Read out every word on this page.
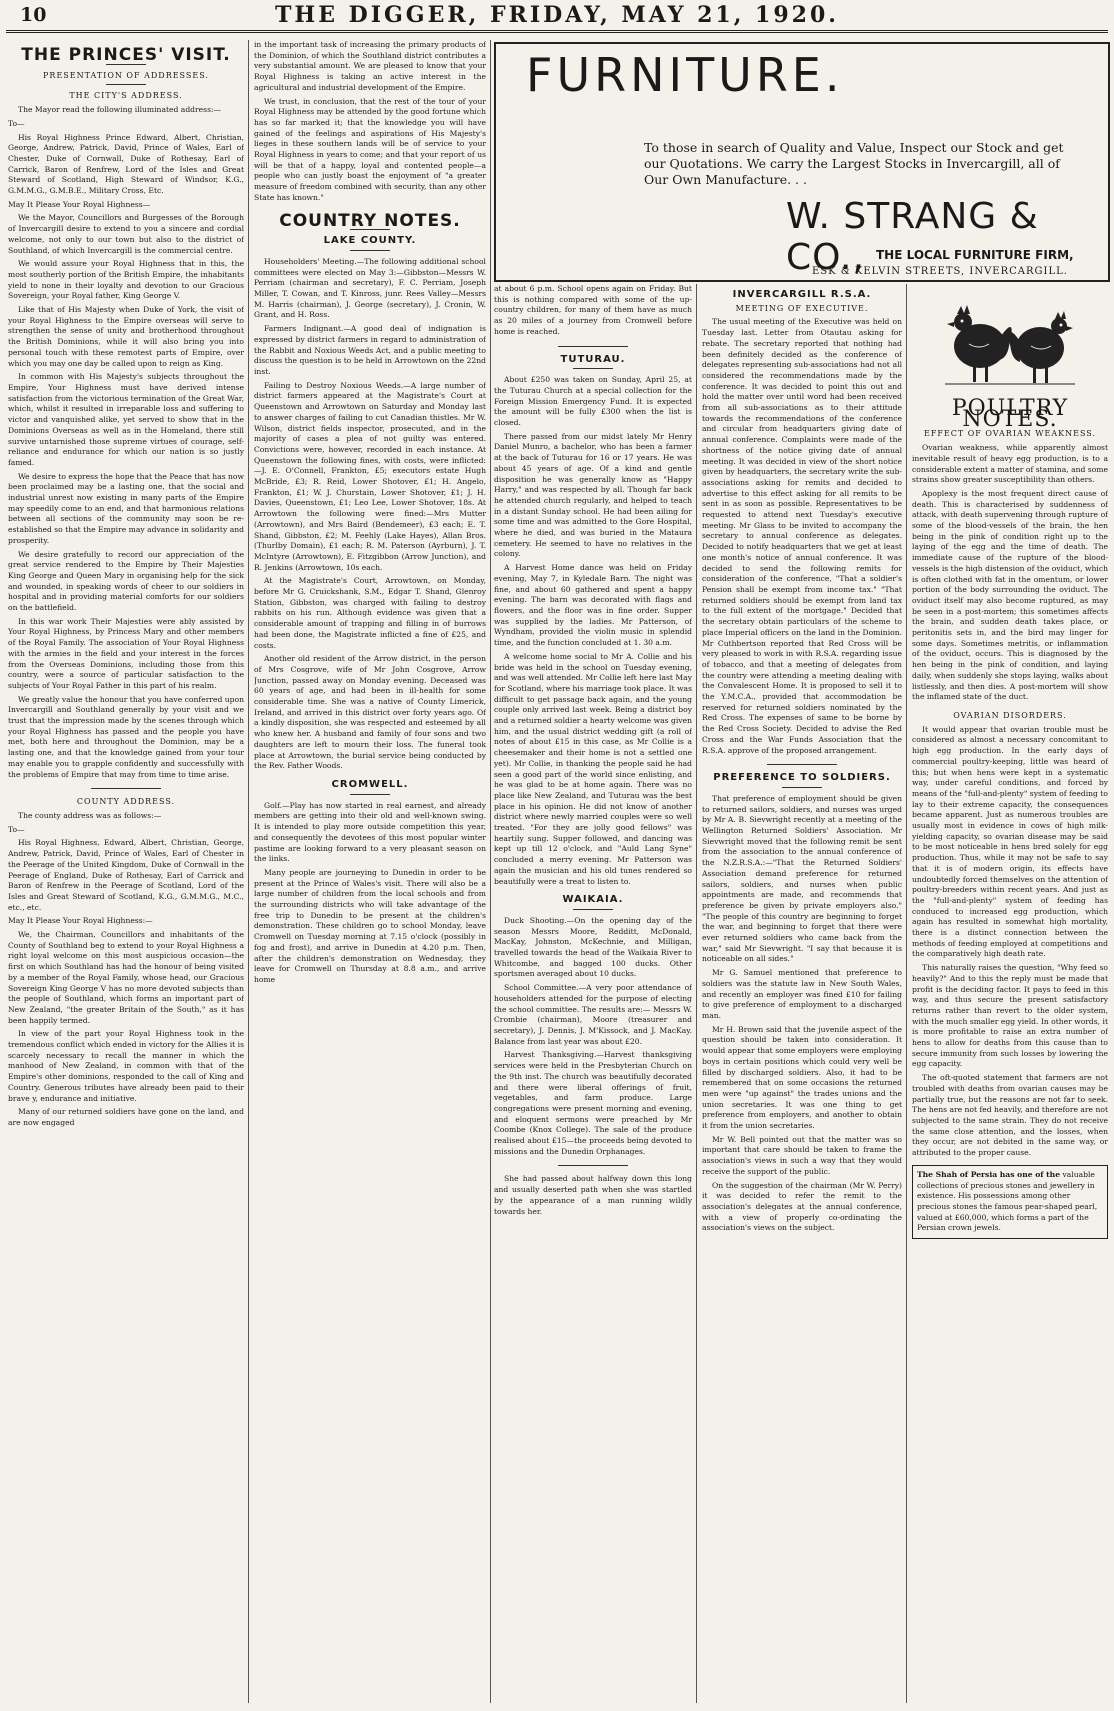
10	THE DIGGER, FRIDAY, MAY 21, 1920.
THE PRINCES' VISIT.
PRESENTATION OF ADDRESSES.
THE CITY'S ADDRESS.

The Mayor read the following illuminated address:—

To—

His Royal Highness Prince Edward, Albert, Christian, George, Andrew, Patrick, David, Prince of Wales, Earl of Chester, Duke of Cornwall, Duke of Rothesay, Earl of Carrick, Baron of Renfrew, Lord of the Isles and Great Steward of Scotland, High Steward of Windsor, K.G., G.M.M.G., G.M.B.E., Military Cross, Etc.

May It Please Your Royal Highness—

We the Mayor, Councillors and Burgesses of the Borough of Invercargill desire to extend to you a sincere and cordial welcome, not only to our town but also to the district of Southland, of which Invercargill is the commercial centre.

We would assure your Royal Highness that in this, the most southerly portion of the British Empire, the inhabitants yield to none in their loyalty and devotion to our Gracious Sovereign, your Royal father, King George V.

Like that of His Majesty when Duke of York, the visit of your Royal Highness to the Empire overseas will serve to strengthen the sense of unity and brotherhood throughout the British Dominions, while it will also bring you into personal touch with these remotest parts of Empire, over which you may one day be called upon to reign as King.

In common with His Majesty's subjects throughout the Empire, Your Highness must have derived intense satisfaction from the victorious termination of the Great War, which, whilst it resulted in irreparable loss and suffering to victor and vanquished alike, yet served to show that in the Dominions Overseas as well as in the Homeland, there still survive untarnished those supreme virtues of courage, self-reliance and endurance for which our nation is so justly famed.

We desire to express the hope that the Peace that has now been proclaimed may be a lasting one, that the social and industrial unrest now existing in many parts of the Empire may speedily come to an end, and that harmonious relations between all sections of the community may soon be re-established so that the Empire may advance in solidarity and prosperity.

We desire gratefully to record our appreciation of the great service rendered to the Empire by Their Majesties King George and Queen Mary in organising help for the sick and wounded, in speaking words of cheer to our soldiers in hospital and in providing material comforts for our soldiers on the battlefield.

In this war work Their Majesties were ably assisted by Your Royal Highness, by Princess Mary and other members of the Royal Family. The association of Your Royal Highness with the armies in the field and your interest in the forces from the Overseas Dominions, including those from this country, were a source of particular satisfaction to the subjects of Your Royal Father in this part of his realm.

We greatly value the honour that you have conferred upon Invercargill and Southland generally by your visit and we trust that the impression made by the scenes through which your Royal Highness has passed and the people you have met, both here and throughout the Dominion, may be a lasting one, and that the knowledge gained from your tour may enable you to grapple confidently and successfully with the problems of Empire that may from time to time arise.

COUNTY ADDRESS.

The county address was as follows:—

To—

His Royal Highness, Edward, Albert, Christian, George, Andrew, Patrick, David, Prince of Wales, Earl of Chester in the Peerage of the United Kingdom, Duke of Cornwall in the Peerage of England, Duke of Rothesay, Earl of Carrick and Baron of Renfrew in the Peerage of Scotland, Lord of the Isles and Great Steward of Scotland, K.G., G.M.M.G., M.C., etc., etc.

May It Please Your Royal Highness:—

We, the Chairman, Councillors and inhabitants of the County of Southland beg to extend to your Royal Highness a right loyal welcome on this most auspicious occasion—the first on which Southland has had the honour of being visited by a member of the Royal Family, whose head, our Gracious Sovereign King George V has no more devoted subjects than the people of Southland, which forms an important part of New Zealand, "the greater Britain of the South," as it has been happily termed.

In view of the part your Royal Highness took in the tremendous conflict which ended in victory for the Allies it is scarcely necessary to recall the manner in which the manhood of New Zealand, in common with that of the Empire's other dominions, responded to the call of King and Country. Generous tributes have already been paid to their brave y, endurance and initiative.

Many of our returned soldiers have gone on the land, and are now engaged

in the important task of increasing the primary products of the Dominion, of which the Southland district contributes a very substantial amount. We are pleased to know that your Royal Highness is taking an active interest in the agricultural and industrial development of the Empire.

We trust, in conclusion, that the rest of the tour of your Royal Highness may be attended by the good fortune which has so far marked it; that the knowledge you will have gained of the feelings and aspirations of His Majesty's lieges in these southern lands will be of service to your Royal Highness in years to come; and that your report of us will be that of a happy, loyal and contented people—a people who can justly boast the enjoyment of "a greater measure of freedom combined with security, than any other State has known."

COUNTRY NOTES.
LAKE COUNTY.

Householders' Meeting.—The following additional school committees were elected on May 3:—Gibbston—Messrs W. Perriam (chairman and secretary), F. C. Perriam, Joseph Miller, T. Cowan, and T. Kinross, junr. Rees Valley—Messrs M. Harris (chairman), J. George (secretary), J. Cronin, W. Grant, and H. Ross.

Farmers Indignant.—A good deal of indignation is expressed by district farmers in regard to administration of the Rabbit and Noxious Weeds Act, and a public meeting to discuss the question is to be held in Arrowtown on the 22nd inst.

Failing to Destroy Noxious Weeds.—A large number of district farmers appeared at the Magistrate's Court at Queenstown and Arrowtown on Saturday and Monday last to answer charges of failing to cut Canadian thistles. Mr W. Wilson, district fields inspector, prosecuted, and in the majority of cases a plea of not guilty was entered. Convictions were, however, recorded in each instance. At Queenstown the following fines, with costs, were inflicted:—J. E. O'Connell, Frankton, £5; executors estate Hugh McBride, £3; R. Reid, Lower Shotover, £1; H. Angelo, Frankton, £1; W. J. Churstain, Lower Shotover, £1; J. H. Davies, Queenstown, £1; Leo Lee, Lower Shotover, 18s. At Arrowtown the following were fined:—Mrs Mutter (Arrowtown), and Mrs Baird (Bendemeer), £3 each; E. T. Shand, Gibbston, £2; M. Feehly (Lake Hayes), Allan Bros. (Thurlby Domain), £1 each; R. M. Paterson (Ayrburn), J. T. McIntyre (Arrowtown), E. Fitzgibbon (Arrow Junction), and R. Jenkins (Arrowtown, 10s each.

At the Magistrate's Court, Arrowtown, on Monday, before Mr G. Cruickshank, S.M., Edgar T. Shand, Glenroy Station, Gibbston, was charged with failing to destroy rabbits on his run. Although evidence was given that a considerable amount of trapping and filling in of burrows had been done, the Magistrate inflicted a fine of £25, and costs.

Another old resident of the Arrow district, in the person of Mrs Cosgrove, wife of Mr John Cosgrove, Arrow Junction, passed away on Monday evening. Deceased was 60 years of age, and had been in ill-health for some considerable time. She was a native of County Limerick, Ireland, and arrived in this district over forty years ago. Of a kindly disposition, she was respected and esteemed by all who knew her. A husband and family of four sons and two daughters are left to mourn their loss. The funeral took place at Arrowtown, the burial service being conducted by the Rev. Father Woods.

CROMWELL.

Golf.—Play has now started in real earnest, and already members are getting into their old and well-known swing. It is intended to play more outside competition this year, and consequently the devotees of this most popular winter pastime are looking forward to a very pleasant season on the links.

Many people are journeying to Dunedin in order to be present at the Prince of Wales's visit. There will also be a large number of children from the local schools and from the surrounding districts who will take advantage of the free trip to Dunedin to be present at the children's demonstration. These children go to school Monday, leave Cromwell on Tuesday morning at 7.15 o'clock (possibly in fog and frost), and arrive in Dunedin at 4.20 p.m. Then, after the children's demonstration on Wednesday, they leave for Cromwell on Thursday at 8.8 a.m., and arrive home

FURNITURE.
To those in search of Quality and Value, Inspect our Stock and get our Quotations. We carry the Largest Stocks in Invercargill, all of Our Own Manufacture. . .
W. STRANG & CO., THE LOCAL FURNITURE FIRM,
ESK & KELVIN STREETS, INVERCARGILL.

at about 6 p.m. School opens again on Friday. But this is nothing compared with some of the up-country children, for many of them have as much as 20 miles of a journey from Cromwell before home is reached.

TUTURAU.

About £250 was taken on Sunday, April 25, at the Tuturau Church at a special collection for the Foreign Mission Emergency Fund. It is expected the amount will be fully £300 when the list is closed.

There passed from our midst lately Mr Henry Daniel Munro, a bachelor, who has been a farmer at the back of Tuturau for 16 or 17 years. He was about 45 years of age. Of a kind and gentle disposition he was generally know as "Happy Harry," and was respected by all. Though far back he attended church regularly, and helped to teach in a distant Sunday school. He had been ailing for some time and was admitted to the Gore Hospital, where he died, and was buried in the Mataura cemetery. He seemed to have no relatives in the colony.

A Harvest Home dance was held on Friday evening, May 7, in Kyledale Barn. The night was fine, and about 60 gathered and spent a happy evening. The barn was decorated with flags and flowers, and the floor was in fine order. Supper was supplied by the ladies. Mr Patterson, of Wyndham, provided the violin music in splendid time, and the function concluded at 1. 30 a.m.

A welcome home social to Mr A. Collie and his bride was held in the school on Tuesday evening, and was well attended. Mr Collie left here last May for Scotland, where his marriage took place. It was difficult to get passage back again, and the young couple only arrived last week. Being a district boy and a returned soldier a hearty welcome was given him, and the usual district wedding gift (a roll of notes of about £15 in this case, as Mr Collie is a cheesemaker and their home is not a settled one yet). Mr Collie, in thanking the people said he had seen a good part of the world since enlisting, and he was glad to be at home again. There was no place like New Zealand, and Tuturau was the best place in his opinion. He did not know of another district where newly married couples were so well treated. "For they are jolly good fellows" was heartily sung. Supper followed, and dancing was kept up till 12 o'clock, and "Auld Lang Syne" concluded a merry evening. Mr Patterson was again the musician and his old tunes rendered so beautifully were a treat to listen to.

WAIKAIA.

Duck Shooting.—On the opening day of the season Messrs Moore, Redditt, McDonald, MacKay, Johnston, McKechnie, and Milligan, travelled towards the head of the Waikaia River to Whitcombe, and bagged 100 ducks. Other sportsmen averaged about 10 ducks.

School Committee.—A very poor attendance of householders attended for the purpose of electing the school committee. The results are:— Messrs W. Crombie (chairman), Moore (treasurer and secretary), J. Dennis, J. M'Kissock, and J. MacKay. Balance from last year was about £20.

Harvest Thanksgiving.—Harvest thanksgiving services were held in the Presbyterian Church on the 9th inst. The church was beautifully decorated and there were liberal offerings of fruit, vegetables, and farm produce. Large congregations were present morning and evening, and eloquent sermons were preached by Mr Coombe (Knox College). The sale of the produce realised about £15—the proceeds being devoted to missions and the Dunedin Orphanages.

She had passed about halfway down this long and usually deserted path when she was startled by the appearance of a man running wildly towards her.

INVERCARGILL R.S.A.
MEETING OF EXECUTIVE.

The usual meeting of the Executive was held on Tuesday last. Letter from Otautau asking for rebate. The secretary reported that nothing had been definitely decided as the conference of delegates representing sub-associations had not all considered the recommendations made by the conference. It was decided to point this out and hold the matter over until word had been received from all sub-associations as to their attitude towards the recommendations of the conference and circular from headquarters giving date of annual conference. Complaints were made of the shortness of the notice giving date of annual meeting. It was decided in view of the short notice given by headquarters, the secretary write the sub-associations asking for remits and decided to advertise to this effect asking for all remits to be sent in as soon as possible. Representatives to be requested to attend next Tuesday's executive meeting. Mr Glass to be invited to accompany the secretary to annual conference as delegates. Decided to notify headquarters that we get at least one month's notice of annual conference. It was decided to send the following remits for consideration of the conference, "That a soldier's Pension shall be exempt from income tax." "That returned soldiers should be exempt from land tax to the full extent of the mortgage." Decided that the secretary obtain particulars of the scheme to place Imperial officers on the land in the Dominion. Mr Cuthbertson reported that Red Cross will be very pleased to work in with R.S.A. regarding issue of tobacco, and that a meeting of delegates from the country were attending a meeting dealing with the Convalescent Home. It is proposed to sell it to the Y.M.C.A., provided that accommodation be reserved for returned soldiers nominated by the Red Cross. The expenses of same to be borne by the Red Cross Society. Decided to advise the Red Cross and the War Funds Association that the R.S.A. approve of the proposed arrangement.

PREFERENCE TO SOLDIERS.

That preference of employment should be given to returned sailors, soldiers, and nurses was urged by Mr A. B. Sievwright recently at a meeting of the Wellington Returned Soldiers' Association. Mr Sievwright moved that the following remit be sent from the association to the annual conference of the N.Z.R.S.A.:—"That the Returned Soldiers' Association demand preference for returned sailors, soldiers, and nurses when public appointments are made, and recommends that preference be given by private employers also." "The people of this country are beginning to forget the war, and beginning to forget that there were ever returned soldiers who came back from the war," said Mr Sievwright. "I say that because it is noticeable on all sides."

Mr G. Samuel mentioned that preference to soldiers was the statute law in New South Wales, and recently an employer was fined £10 for failing to give preference of employment to a discharged man.

Mr H. Brown said that the juvenile aspect of the question should be taken into consideration. It would appear that some employers were employing boys in certain positions which could very well be filled by discharged soldiers. Also, it had to be remembered that on some occasions the returned men were "up against" the trades unions and the union secretaries. It was one thing to get preference from employers, and another to obtain it from the union secretaries.

Mr W. Bell pointed out that the matter was so important that care should be taken to frame the association's views in such a way that they would receive the support of the public.

On the suggestion of the chairman (Mr W. Perry) it was decided to refer the remit to the association's delegates at the annual conference, with a view of properly co-ordinating the association's views on the subject.

POULTRY NOTES.
EFFECT OF OVARIAN WEAKNESS.

Ovarian weakness, while apparently almost inevitable result of heavy egg production, is to a considerable extent a matter of stamina, and some strains show greater susceptibility than others.

Apoplexy is the most frequent direct cause of death. This is characterised by suddenness of attack, with death supervening through rupture of some of the blood-vessels of the brain, the hen being in the pink of condition right up to the laying of the egg and the time of death. The immediate cause of the rupture of the blood-vessels is the high distension of the oviduct, which is often clothed with fat in the omentum, or lower portion of the body surrounding the oviduct. The oviduct itself may also become ruptured, as may be seen in a post-mortem; this sometimes affects the brain, and sudden death takes place, or peritonitis sets in, and the bird may linger for some days. Sometimes metritis, or inflammation of the oviduct, occurs. This is diagnosed by the hen being in the pink of condition, and laying daily, when suddenly she stops laying, walks about listlessly, and then dies. A post-mortem will show the inflamed state of the duct.

OVARIAN DISORDERS.

It would appear that ovarian trouble must be considered as almost a necessary concomitant to high egg production. In the early days of commercial poultry-keeping, little was heard of this; but when hens were kept in a systematic way, under careful conditions, and forced by means of the "full-and-plenty" system of feeding to lay to their extreme capacity, the consequences became apparent. Just as numerous troubles are usually most in evidence in cows of high milk-yielding capacity, so ovarian disease may be said to be most noticeable in hens bred solely for egg production. Thus, while it may not be safe to say that it is of modern origin, its effects have undoubtedly forced themselves on the attention of poultry-breeders within recent years. And just as the "full-and-plenty" system of feeding has conduced to increased egg production, which again has resulted in somewhat high mortality, there is a distinct connection between the methods of feeding employed at competitions and the comparatively high death rate.

This naturally raises the question, "Why feed so heavily?" And to this the reply must be made that profit is the deciding factor. It pays to feed in this way, and thus secure the present satisfactory returns rather than revert to the older system, with the much smaller egg yield. In other words, it is more profitable to raise an extra number of hens to allow for deaths from this cause than to secure immunity from such losses by lowering the egg capacity.

The oft-quoted statement that farmers are not troubled with deaths from ovarian causes may be partially true, but the reasons are not far to seek. The hens are not fed heavily, and therefore are not subjected to the same strain. They do not receive the same close attention, and the losses, when they occur, are not debited in the same way, or attributed to the proper cause.

The Shah of Persia has one of the valuable collections of precious stones and jewellery in existence. His possessions among other precious stones the famous pear-shaped pearl, valued at £60,000, which forms a part of the Persian crown jewels.
